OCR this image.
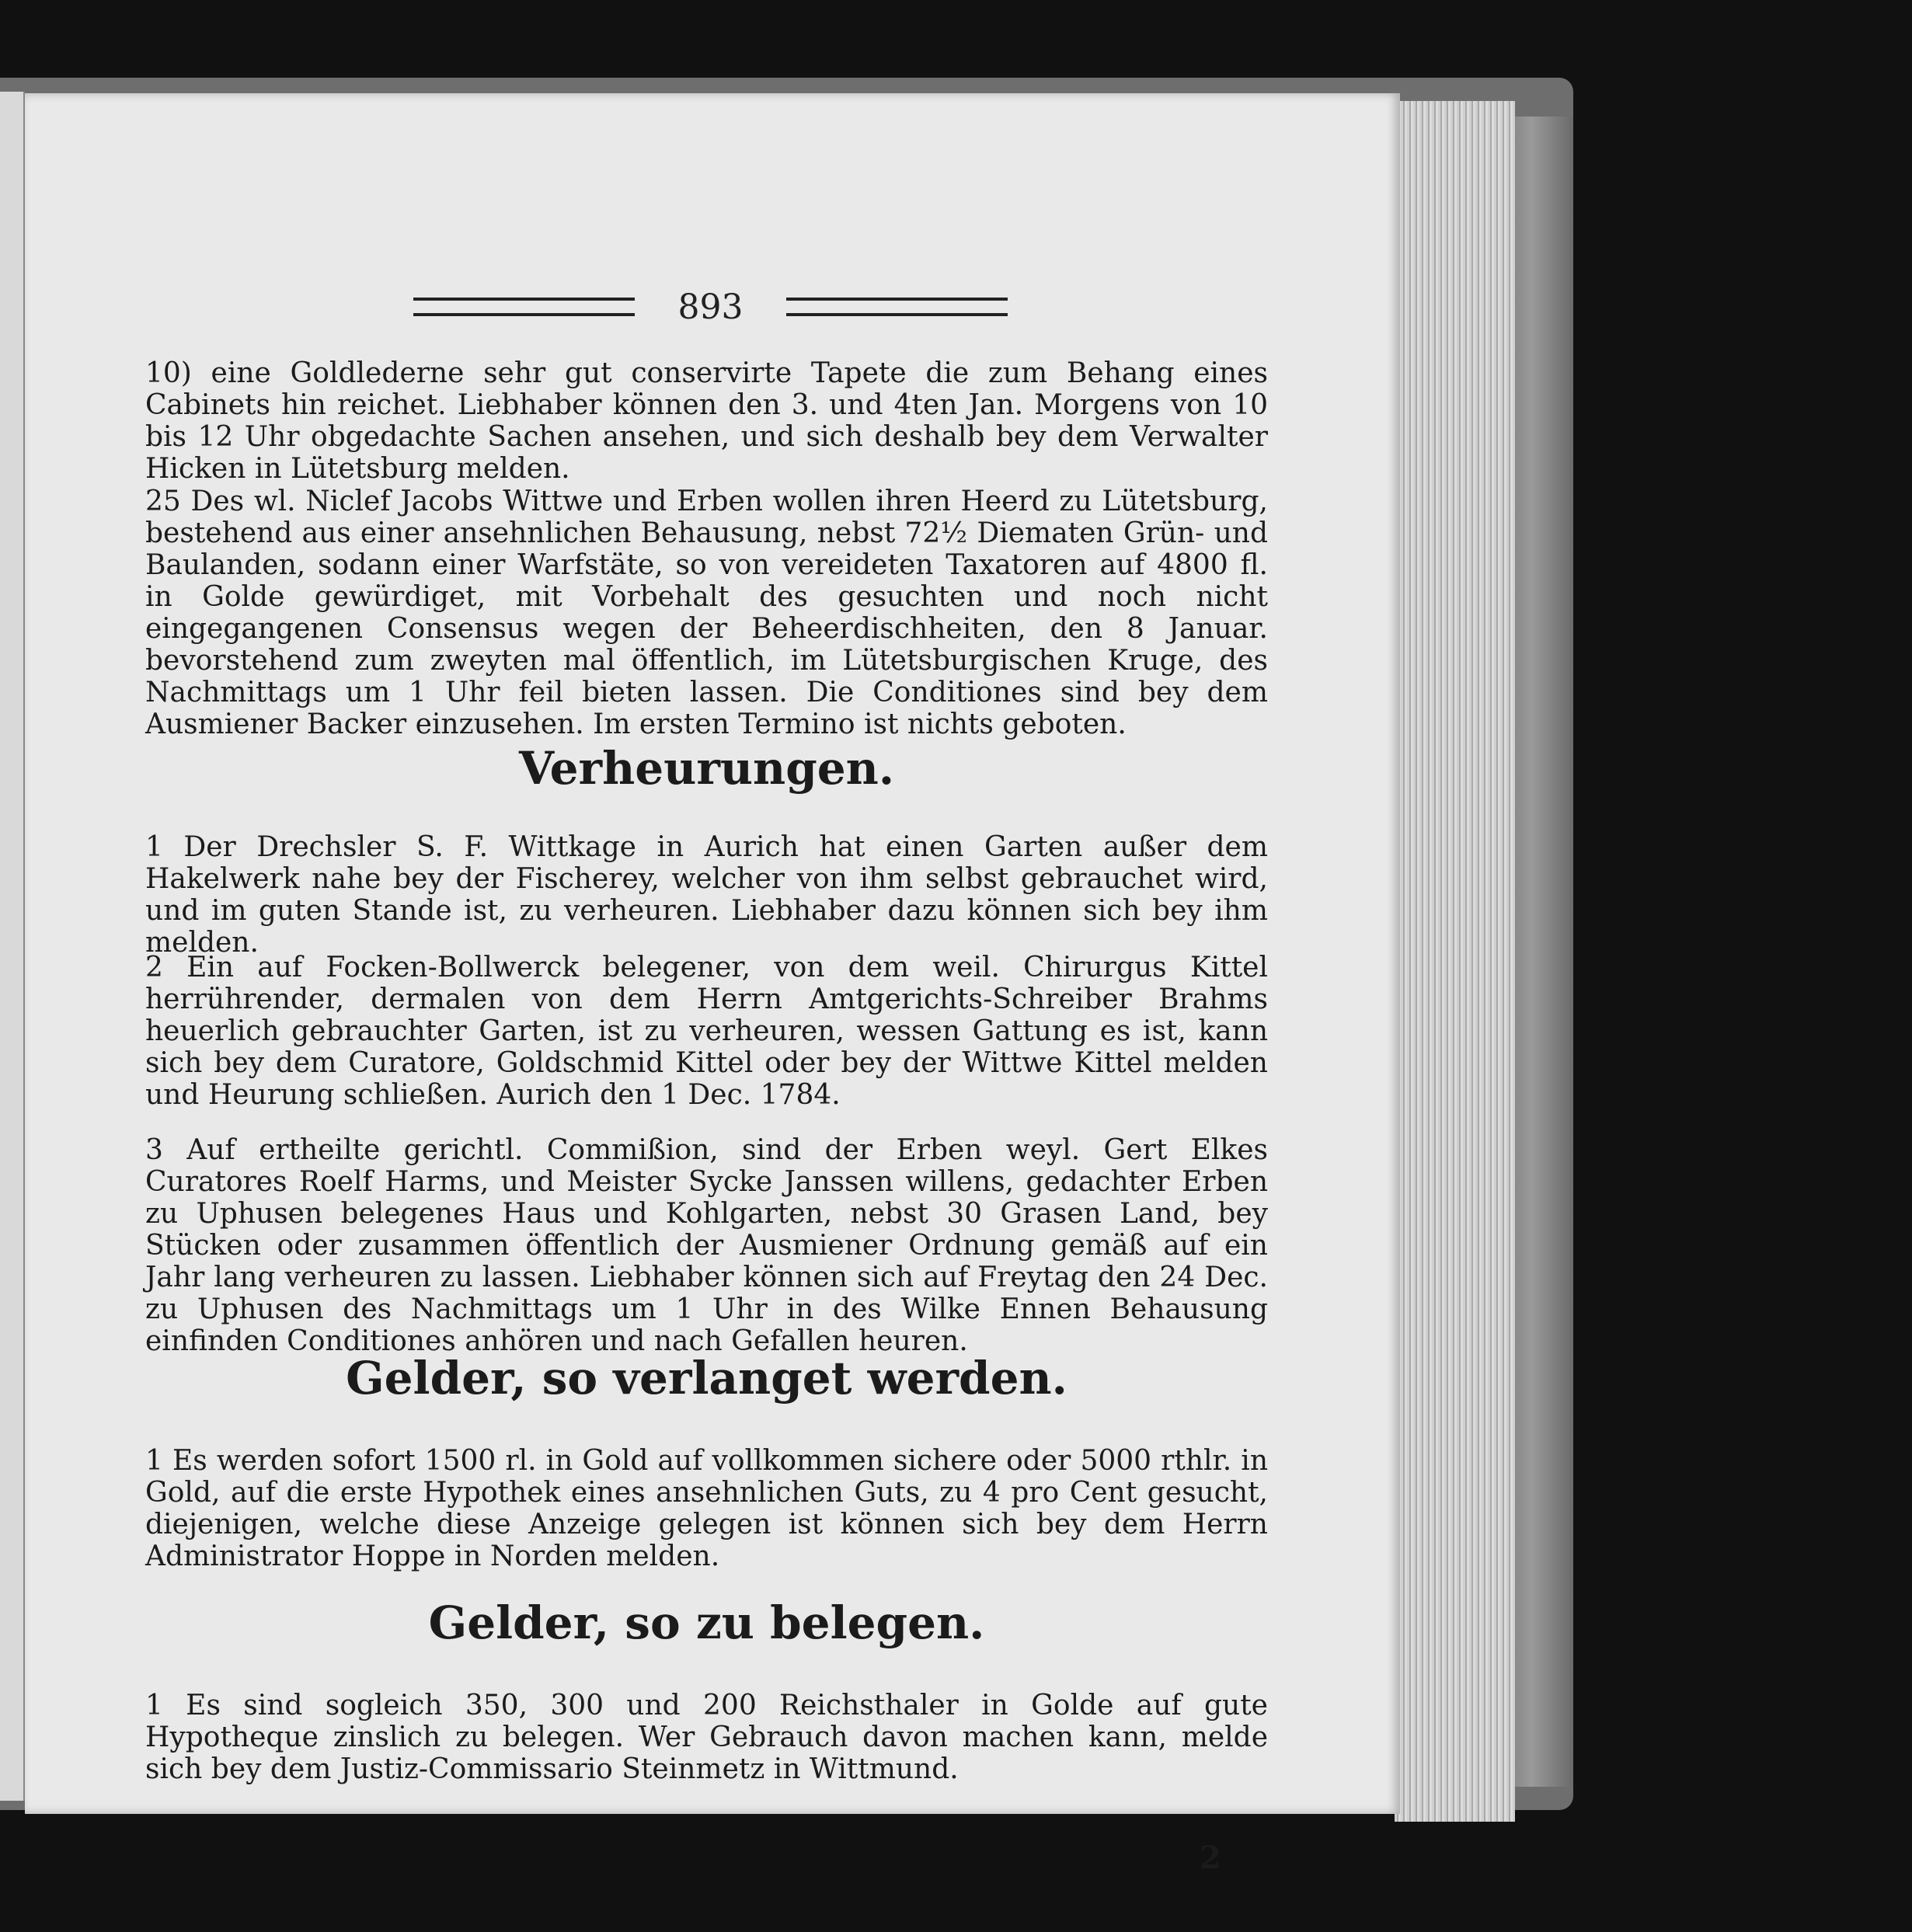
893

10) eine Goldlederne sehr gut conservirte Tapete die zum Behang eines Cabinets hin reichet. Liebhaber können den 3. und 4ten Jan. Morgens von 10 bis 12 Uhr obgedachte Sachen ansehen, und sich deshalb bey dem Verwalter Hicken in Lütetsburg melden.

25 Des wl. Niclef Jacobs Wittwe und Erben wollen ihren Heerd zu Lütetsburg, bestehend aus einer ansehnlichen Behausung, nebst 72½ Diematen Grün- und Baulanden, sodann einer Warfstäte, so von vereideten Taxatoren auf 4800 fl. in Golde gewürdiget, mit Vorbehalt des gesuchten und noch nicht eingegangenen Consensus wegen der Beheerdischheiten, den 8 Januar. bevorstehend zum zweyten mal öffentlich, im Lütetsburgischen Kruge, des Nachmittags um 1 Uhr feil bieten lassen. Die Conditiones sind bey dem Ausmiener Backer einzusehen. Im ersten Termino ist nichts geboten.

Verheurungen.

1 Der Drechsler S. F. Wittkage in Aurich hat einen Garten außer dem Hakelwerk nahe bey der Fischerey, welcher von ihm selbst gebrauchet wird, und im guten Stande ist, zu verheuren. Liebhaber dazu können sich bey ihm melden.

2 Ein auf Focken-Bollwerck belegener, von dem weil. Chirurgus Kittel herrührender, dermalen von dem Herrn Amtgerichts-Schreiber Brahms heuerlich gebrauchter Garten, ist zu verheuren, wessen Gattung es ist, kann sich bey dem Curatore, Goldschmid Kittel oder bey der Wittwe Kittel melden und Heurung schließen. Aurich den 1 Dec. 1784.

3 Auf ertheilte gerichtl. Commißion, sind der Erben weyl. Gert Elkes Curatores Roelf Harms, und Meister Sycke Janssen willens, gedachter Erben zu Uphusen belegenes Haus und Kohlgarten, nebst 30 Grasen Land, bey Stücken oder zusammen öffentlich der Ausmiener Ordnung gemäß auf ein Jahr lang verheuren zu lassen. Liebhaber können sich auf Freytag den 24 Dec. zu Uphusen des Nachmittags um 1 Uhr in des Wilke Ennen Behausung einfinden Conditiones anhören und nach Gefallen heuren.

Gelder, so verlanget werden.

1 Es werden sofort 1500 rl. in Gold auf vollkommen sichere oder 5000 rthlr. in Gold, auf die erste Hypothek eines ansehnlichen Guts, zu 4 pro Cent gesucht, diejenigen, welche diese Anzeige gelegen ist können sich bey dem Herrn Administrator Hoppe in Norden melden.

Gelder, so zu belegen.

1 Es sind sogleich 350, 300 und 200 Reichsthaler in Golde auf gute Hypotheque zinslich zu belegen. Wer Gebrauch davon machen kann, melde sich bey dem Justiz-Commissario Steinmetz in Wittmund.

2
